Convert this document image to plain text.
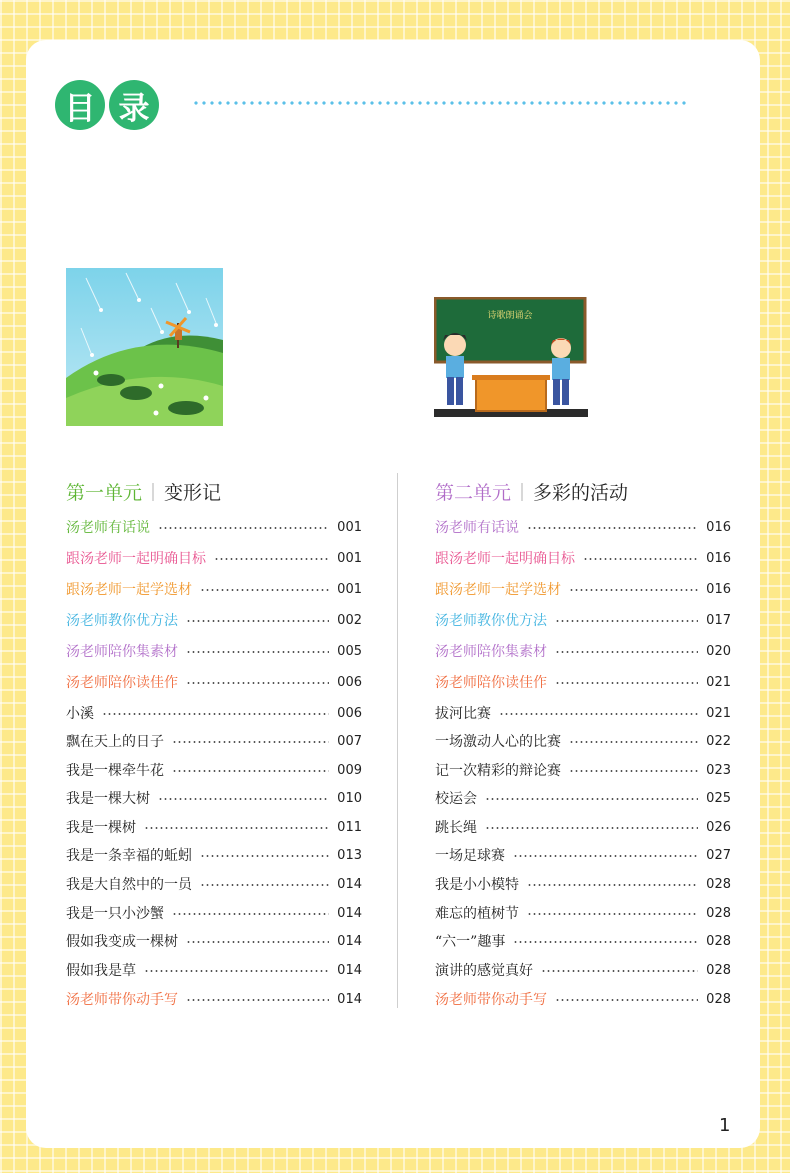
目 录
诗歌朗诵会
第一单元 变形记	第二单元 多彩的活动
汤老师有话说	001
跟汤老师一起明确目标	001
跟汤老师一起学选材	001
汤老师教你优方法	002
汤老师陪你集素材	005
汤老师陪你读佳作	006
小溪	006
飘在天上的日子	007
我是一棵牵牛花	009
我是一棵大树	010
我是一棵树	011
我是一条幸福的蚯蚓	013
我是大自然中的一员	014
我是一只小沙蟹	014
假如我变成一棵树	014
假如我是草	014
汤老师带你动手写	014
汤老师有话说	016
跟汤老师一起明确目标	016
跟汤老师一起学选材	016
汤老师教你优方法	017
汤老师陪你集素材	020
汤老师陪你读佳作	021
拔河比赛	021
一场激动人心的比赛	022
记一次精彩的辩论赛	023
校运会	025
跳长绳	026
一场足球赛	027
我是小小模特	028
难忘的植树节	028
“六一”趣事	028
演讲的感觉真好	028
汤老师带你动手写	028
1
